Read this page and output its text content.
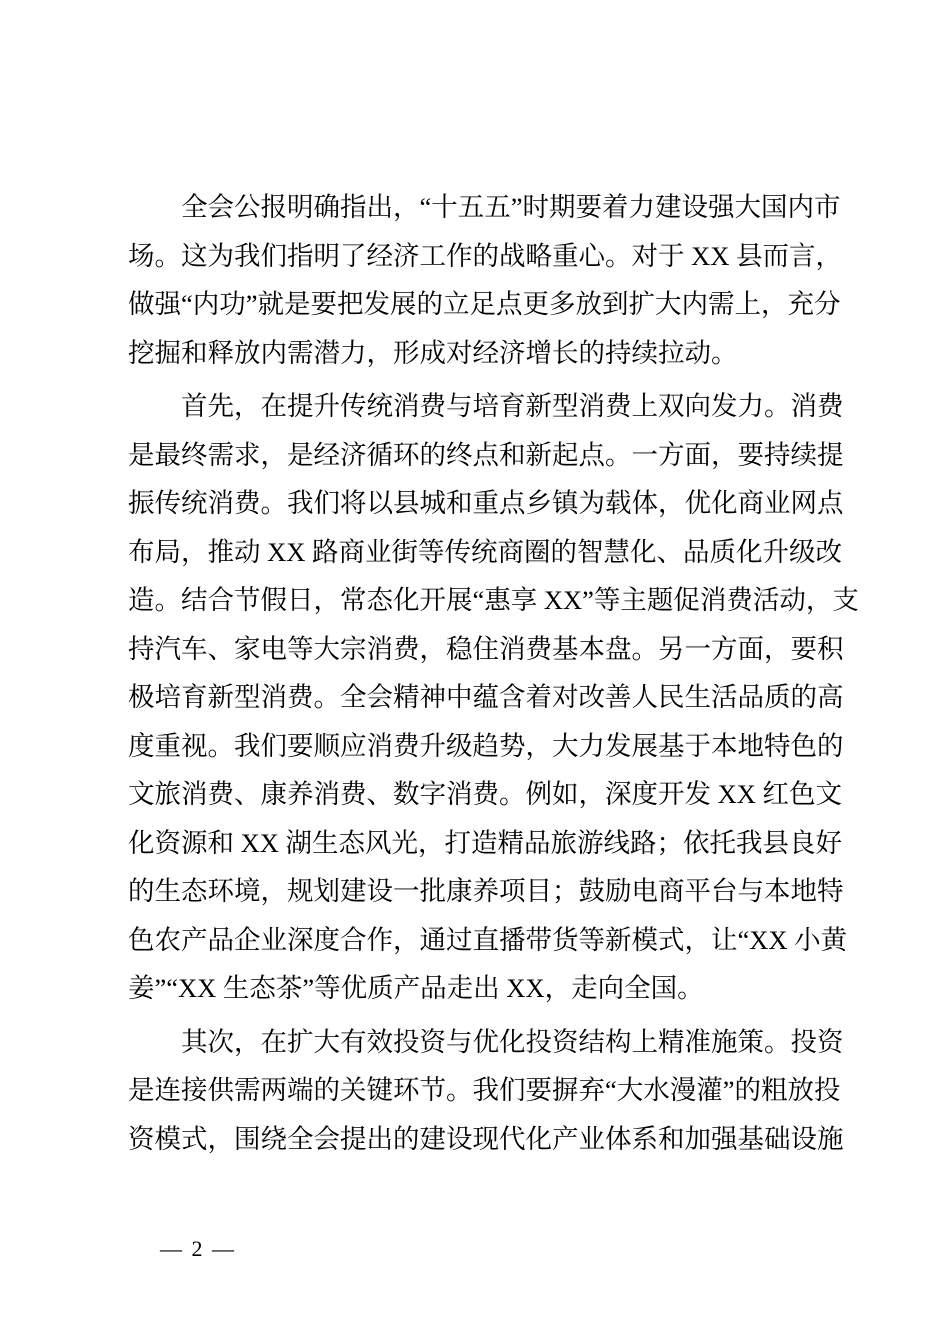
全会公报明确指出，“十五五”时期要着力建设强大国内市
场。这为我们指明了经济工作的战略重心。对于 XX 县而言，
做强“内功”就是要把发展的立足点更多放到扩大内需上，充分
挖掘和释放内需潜力，形成对经济增长的持续拉动。
首先，在提升传统消费与培育新型消费上双向发力。消费
是最终需求，是经济循环的终点和新起点。一方面，要持续提
振传统消费。我们将以县城和重点乡镇为载体，优化商业网点
布局，推动 XX 路商业街等传统商圈的智慧化、品质化升级改
造。结合节假日，常态化开展“惠享 XX”等主题促消费活动，支
持汽车、家电等大宗消费，稳住消费基本盘。另一方面，要积
极培育新型消费。全会精神中蕴含着对改善人民生活品质的高
度重视。我们要顺应消费升级趋势，大力发展基于本地特色的
文旅消费、康养消费、数字消费。例如，深度开发 XX 红色文
化资源和 XX 湖生态风光，打造精品旅游线路；依托我县良好
的生态环境，规划建设一批康养项目；鼓励电商平台与本地特
色农产品企业深度合作，通过直播带货等新模式，让“XX 小黄
姜”“XX 生态茶”等优质产品走出 XX，走向全国。
其次，在扩大有效投资与优化投资结构上精准施策。投资
是连接供需两端的关键环节。我们要摒弃“大水漫灌”的粗放投
资模式，围绕全会提出的建设现代化产业体系和加强基础设施
— 2 —
